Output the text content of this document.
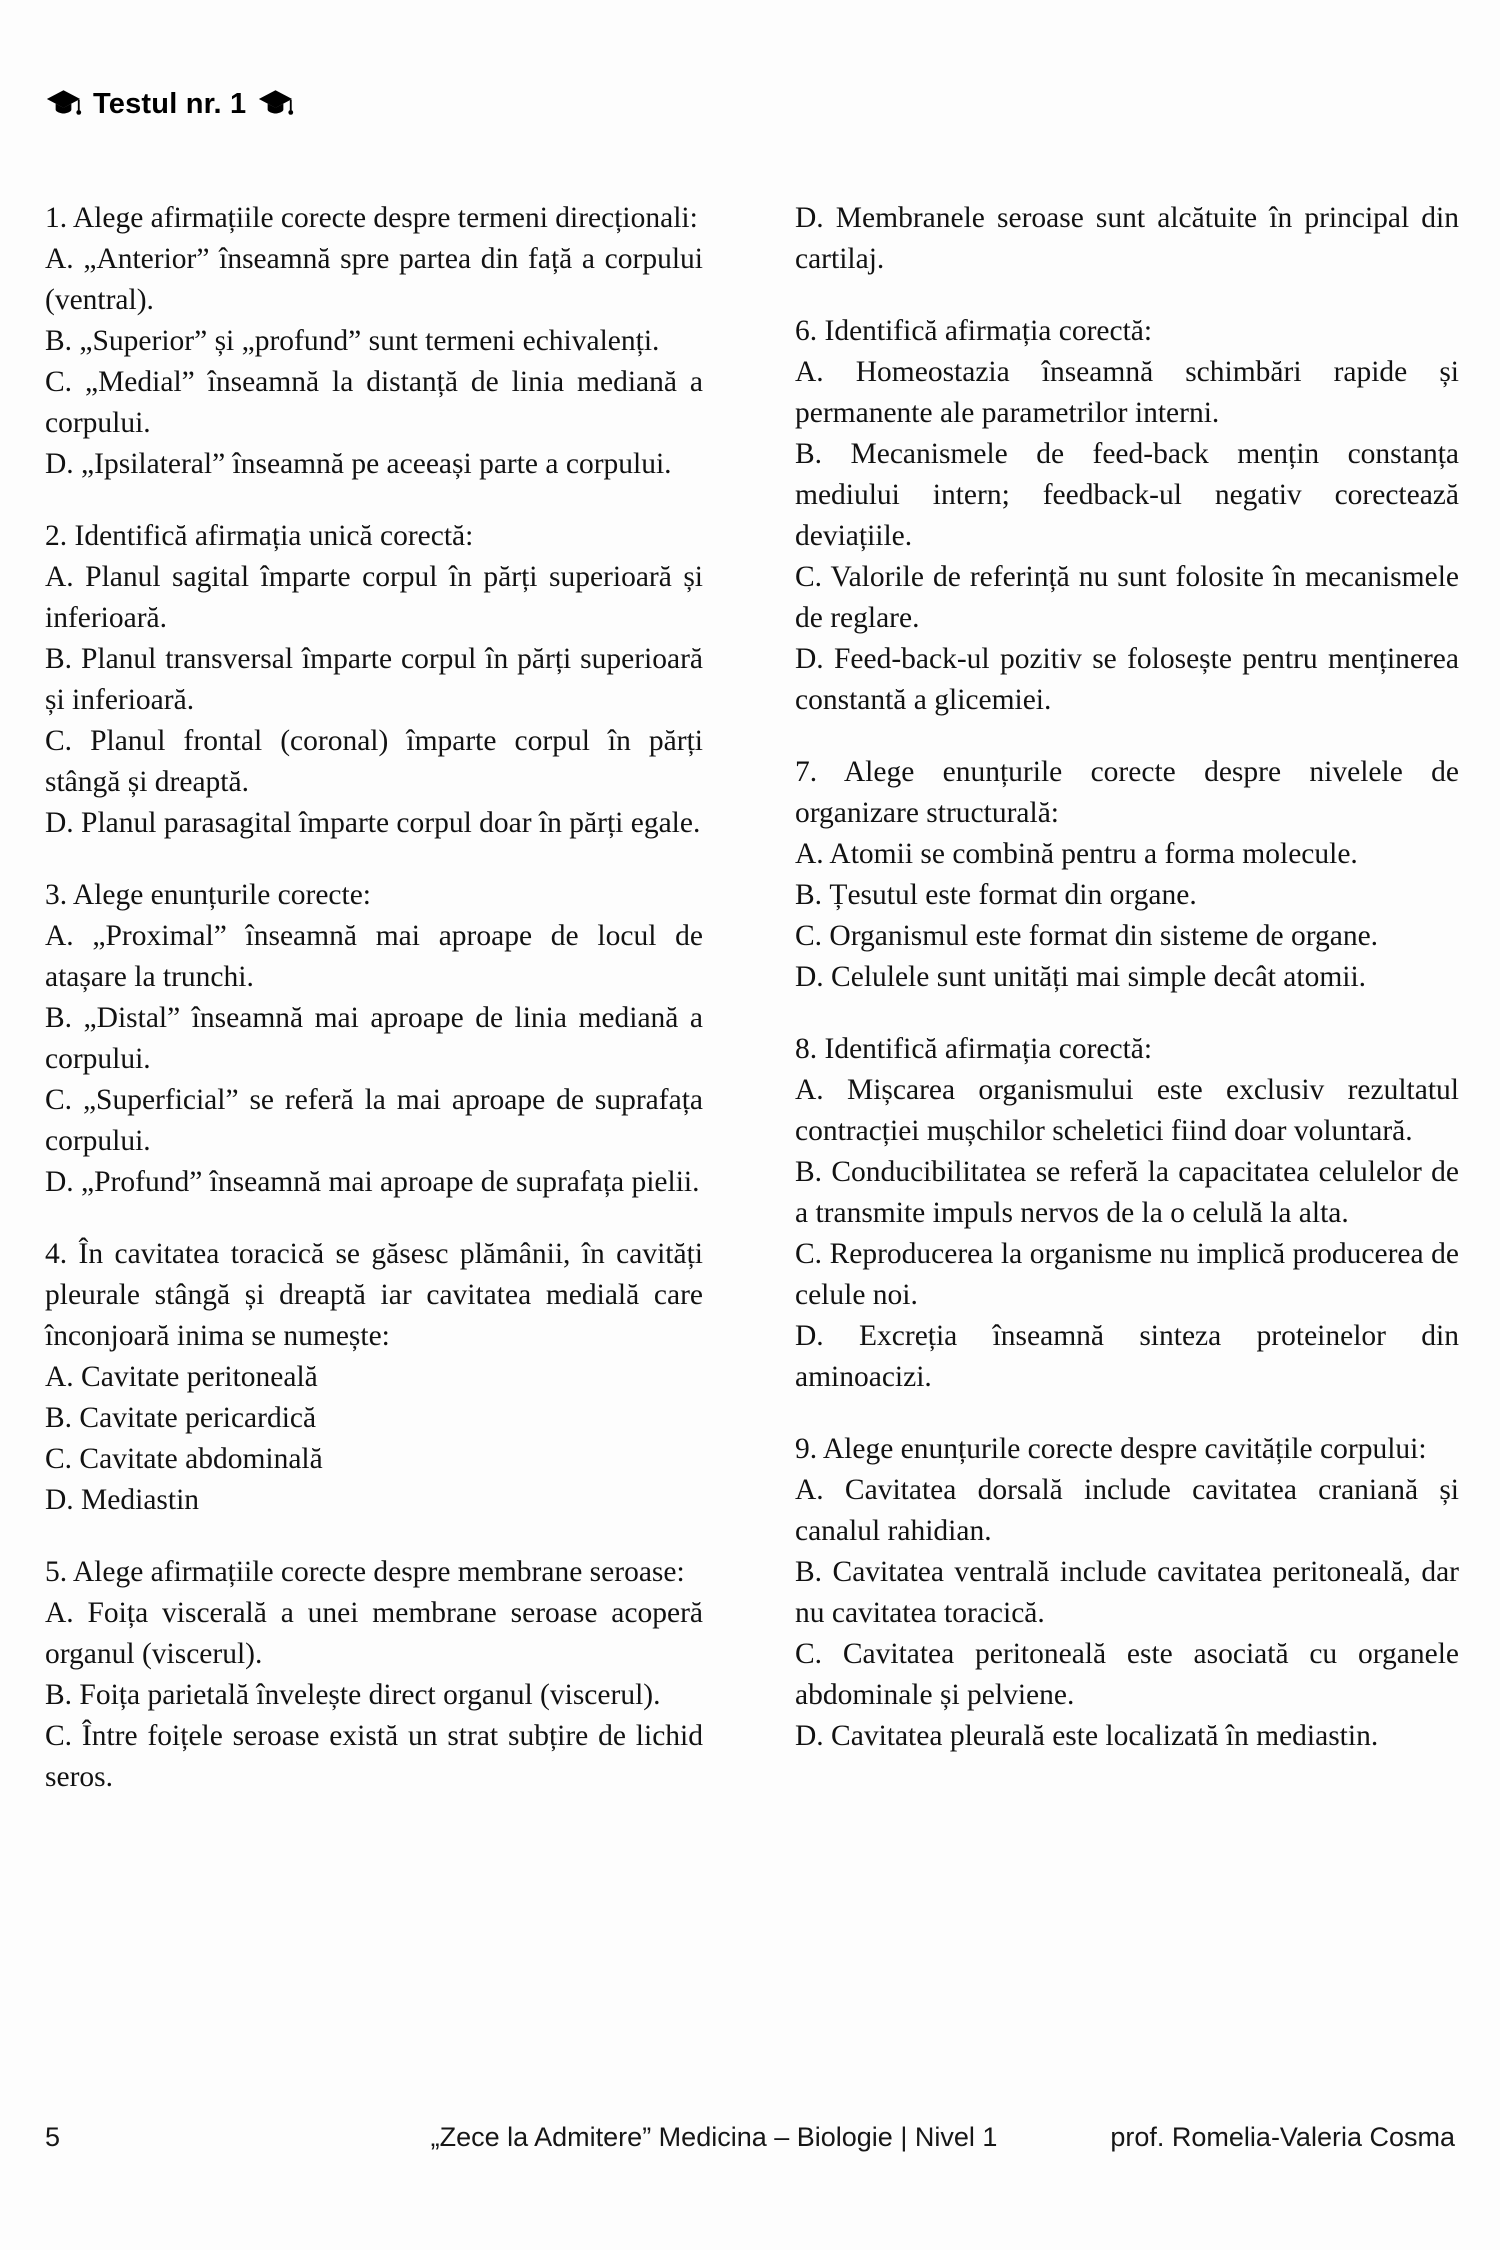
Testul nr. 1

1. Alege afirmațiile corecte despre termeni direcționali:

A. „Anterior” înseamnă spre partea din față a corpului (ventral).

B. „Superior” și „profund” sunt termeni echivalenți.

C. „Medial” înseamnă la distanță de linia mediană a corpului.

D. „Ipsilateral” înseamnă pe aceeași parte a corpului.

2. Identifică afirmația unică corectă:

A. Planul sagital împarte corpul în părți superioară și inferioară.

B. Planul transversal împarte corpul în părți superioară și inferioară.

C. Planul frontal (coronal) împarte corpul în părți stângă și dreaptă.

D. Planul parasagital împarte corpul doar în părți egale.

3. Alege enunțurile corecte:

A. „Proximal” înseamnă mai aproape de locul de atașare la trunchi.

B. „Distal” înseamnă mai aproape de linia mediană a corpului.

C. „Superficial” se referă la mai aproape de suprafața corpului.

D. „Profund” înseamnă mai aproape de suprafața pielii.

4. În cavitatea toracică se găsesc plămânii, în cavități pleurale stângă și dreaptă iar cavitatea medială care înconjoară inima se numește:

A. Cavitate peritoneală

B. Cavitate pericardică

C. Cavitate abdominală

D. Mediastin

5. Alege afirmațiile corecte despre membrane seroase:

A. Foița viscerală a unei membrane seroase acoperă organul (viscerul).

B. Foița parietală învelește direct organul (viscerul).

C. Între foițele seroase există un strat subțire de lichid seros.

D. Membranele seroase sunt alcătuite în principal din cartilaj.

6. Identifică afirmația corectă:

A. Homeostazia înseamnă schimbări rapide și permanente ale parametrilor interni.

B. Mecanismele de feed-back mențin constanța mediului intern; feedback-ul negativ corectează deviațiile.

C. Valorile de referință nu sunt folosite în mecanismele de reglare.

D. Feed-back-ul pozitiv se folosește pentru menținerea constantă a glicemiei.

7. Alege enunțurile corecte despre nivelele de organizare structurală:

A. Atomii se combină pentru a forma molecule.

B. Țesutul este format din organe.

C. Organismul este format din sisteme de organe.

D. Celulele sunt unități mai simple decât atomii.

8. Identifică afirmația corectă:

A. Mișcarea organismului este exclusiv rezultatul contracției mușchilor scheletici fiind doar voluntară.

B. Conducibilitatea se referă la capacitatea celulelor de a transmite impuls nervos de la o celulă la alta.

C. Reproducerea la organisme nu implică producerea de celule noi.

D. Excreția înseamnă sinteza proteinelor din aminoacizi.

9. Alege enunțurile corecte despre cavitățile corpului:

A. Cavitatea dorsală include cavitatea craniană și canalul rahidian.

B. Cavitatea ventrală include cavitatea peritoneală, dar nu cavitatea toracică.

C. Cavitatea peritoneală este asociată cu organele abdominale și pelviene.

D. Cavitatea pleurală este localizată în mediastin.

5	„Zece la Admitere” Medicina – Biologie | Nivel 1	prof. Romelia-Valeria Cosma
